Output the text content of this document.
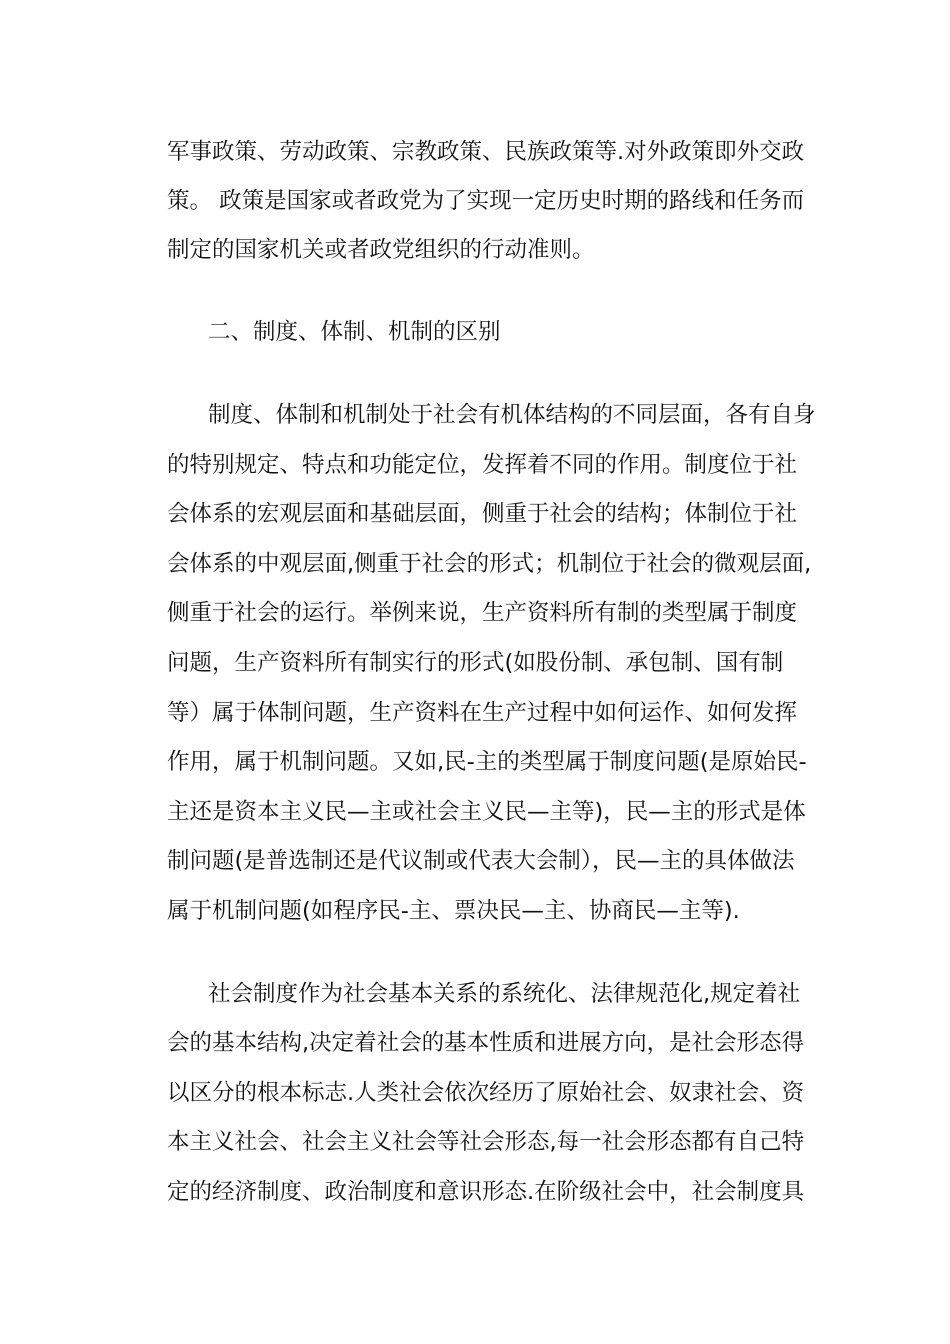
军事政策、劳动政策、宗教政策、民族政策等.对外政策即外交政

策。 政策是国家或者政党为了实现一定历史时期的路线和任务而

制定的国家机关或者政党组织的行动准则。

二、制度、体制、机制的区别

制度、体制和机制处于社会有机体结构的不同层面，各有自身

的特别规定、特点和功能定位，发挥着不同的作用。制度位于社

会体系的宏观层面和基础层面，侧重于社会的结构；体制位于社

会体系的中观层面,侧重于社会的形式；机制位于社会的微观层面,

侧重于社会的运行。举例来说，生产资料所有制的类型属于制度

问题，生产资料所有制实行的形式(如股份制、承包制、国有制

等）属于体制问题，生产资料在生产过程中如何运作、如何发挥

作用，属于机制问题。又如,民-主的类型属于制度问题(是原始民-

主还是资本主义民—主或社会主义民—主等)，民—主的形式是体

制问题(是普选制还是代议制或代表大会制），民—主的具体做法

属于机制问题(如程序民-主、票决民—主、协商民—主等).

社会制度作为社会基本关系的系统化、法律规范化,规定着社

会的基本结构,决定着社会的基本性质和进展方向，是社会形态得

以区分的根本标志.人类社会依次经历了原始社会、奴隶社会、资

本主义社会、社会主义社会等社会形态,每一社会形态都有自己特

定的经济制度、政治制度和意识形态.在阶级社会中，社会制度具
